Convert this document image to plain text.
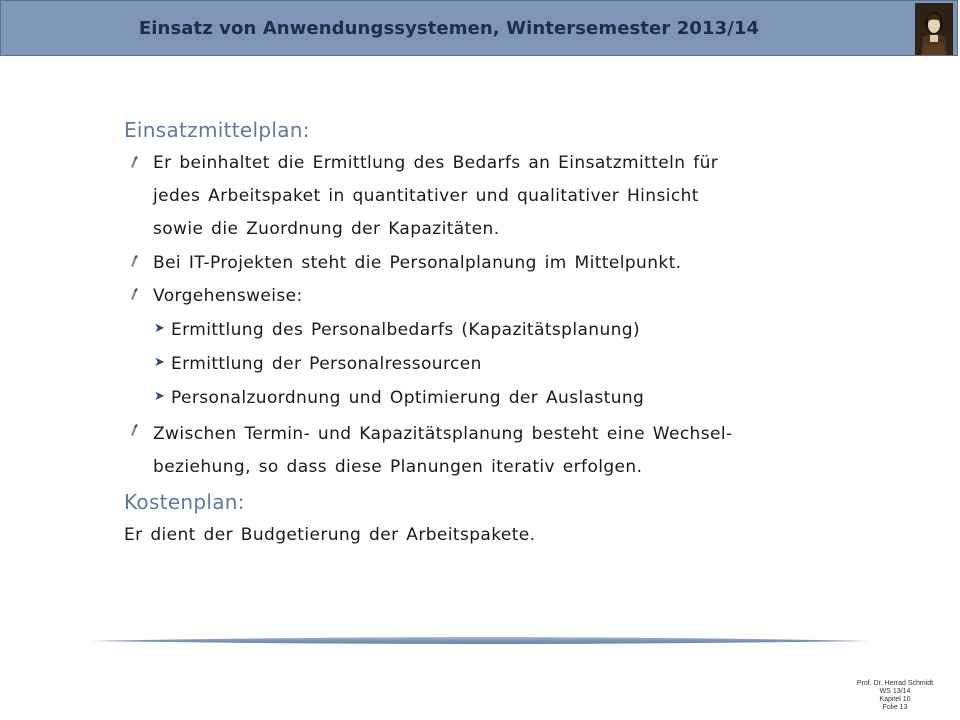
Einsatz von Anwendungssystemen, Wintersemester 2013/14
Einsatzmittelplan:
Er beinhaltet die Ermittlung des Bedarfs an Einsatzmitteln für
jedes Arbeitspaket in quantitativer und qualitativer Hinsicht
sowie die Zuordnung der Kapazitäten.
Bei IT-Projekten steht die Personalplanung im Mittelpunkt.
Vorgehensweise:
➤ Ermittlung des Personalbedarfs (Kapazitätsplanung)
➤ Ermittlung der Personalressourcen
➤ Personalzuordnung und Optimierung der Auslastung
Zwischen Termin- und Kapazitätsplanung besteht eine Wechsel-
beziehung, so dass diese Planungen iterativ erfolgen.
Kostenplan:
Er dient der Budgetierung der Arbeitspakete.
Prof. Dr. Herrad Schmidt
WS 13/14
Kapitel 10
Folie 13
